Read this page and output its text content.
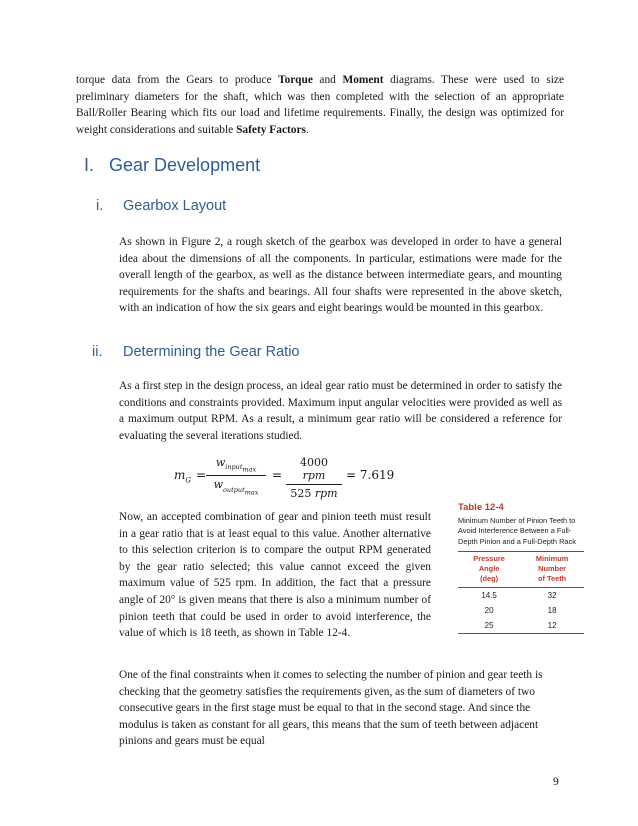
torque data from the Gears to produce Torque and Moment diagrams. These were used to size preliminary diameters for the shaft, which was then completed with the selection of an appropriate Ball/Roller Bearing which fits our load and lifetime requirements. Finally, the design was optimized for weight considerations and suitable Safety Factors.

I. Gear Development
i. Gearbox Layout

As shown in Figure 2, a rough sketch of the gearbox was developed in order to have a general idea about the dimensions of all the components. In particular, estimations were made for the overall length of the gearbox, as well as the distance between intermediate gears, and mounting requirements for the shafts and bearings. All four shafts were represented in the above sketch, with an indication of how the six gears and eight bearings would be mounted in this gearbox.

ii. Determining the Gear Ratio

As a first step in the design process, an ideal gear ratio must be determined in order to satisfy the conditions and constraints provided. Maximum input angular velocities were provided as well as a maximum output RPM. As a result, a minimum gear ratio will be considered a reference for evaluating the several iterations studied.

$m_G$ =
$w_{input_{max}}$
$w_{output_{max}}$
=
4000 rpm
525 rpm
= 7.619

Now, an accepted combination of gear and pinion teeth must result in a gear ratio that is at least equal to this value. Another alternative to this selection criterion is to compare the output RPM generated by the gear ratio selected; this value cannot exceed the given maximum value of 525 rpm. In addition, the fact that a pressure angle of 20° is given means that there is also a minimum number of pinion teeth that could be used in order to avoid interference, the value of which is 18 teeth, as shown in Table 12-4.

Table 12-4
Minimum Number of Pinion Teeth to Avoid Interference Between a Full-Depth Pinion and a Full-Depth Rack
Pressure
Angle
(deg)	Minimum
Number
of Teeth
14.5	32
20	18
25	12

One of the final constraints when it comes to selecting the number of pinion and gear teeth is checking that the geometry satisfies the requirements given, as the sum of diameters of two consecutive gears in the first stage must be equal to that in the second stage. And since the modulus is taken as constant for all gears, this means that the sum of teeth between adjacent pinions and gears must be equal

9
